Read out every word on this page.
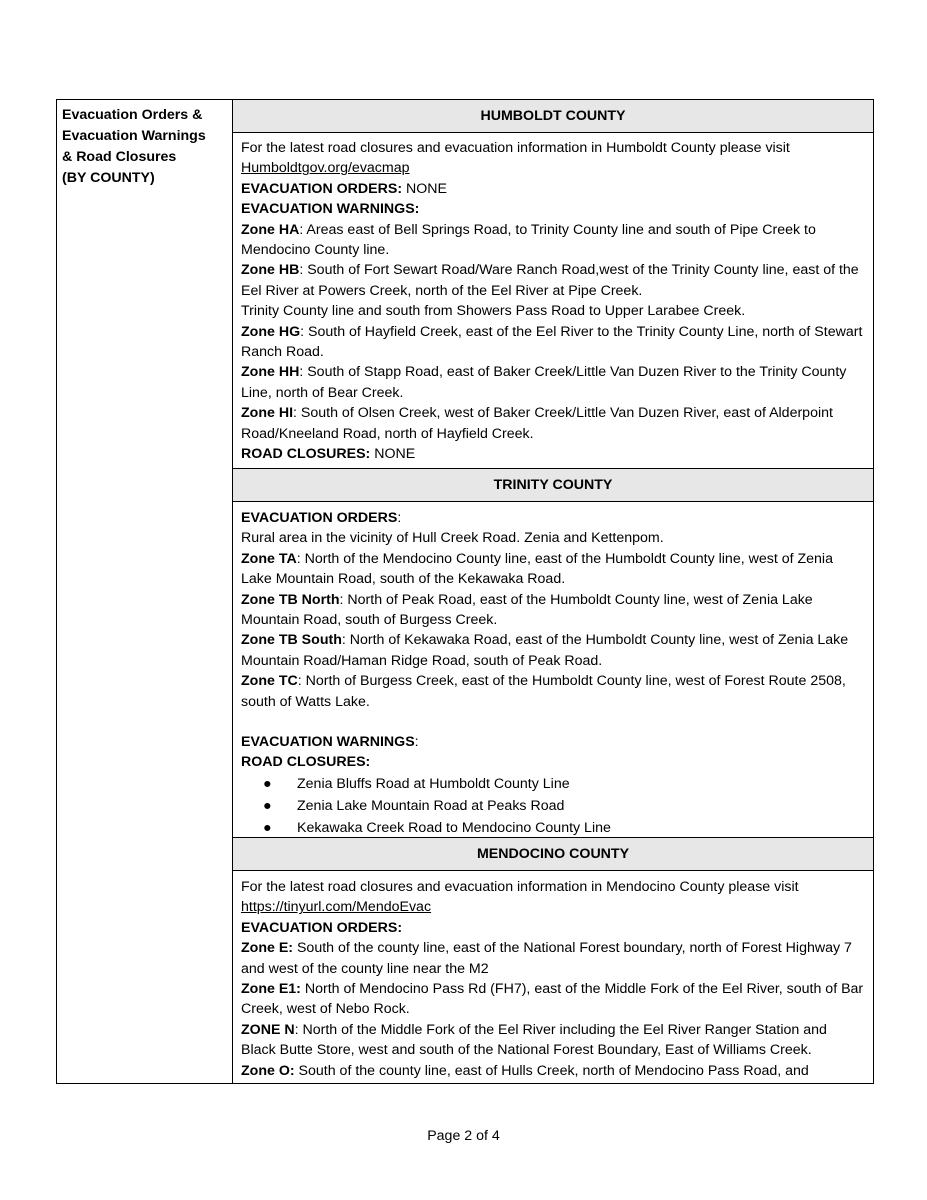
Evacuation Orders &
Evacuation Warnings
& Road Closures
(BY COUNTY)
HUMBOLDT COUNTY

For the latest road closures and evacuation information in Humboldt County please visit

Humboldtgov.org/evacmap

EVACUATION ORDERS: NONE

EVACUATION WARNINGS:

Zone HA: Areas east of Bell Springs Road, to Trinity County line and south of Pipe Creek to Mendocino County line.

Zone HB: South of Fort Sewart Road/Ware Ranch Road,west of the Trinity County line, east of the Eel River at Powers Creek, north of the Eel River at Pipe Creek.

Trinity County line and south from Showers Pass Road to Upper Larabee Creek.

Zone HG: South of Hayfield Creek, east of the Eel River to the Trinity County Line, north of Stewart Ranch Road.

Zone HH: South of Stapp Road, east of Baker Creek/Little Van Duzen River to the Trinity County Line, north of Bear Creek.

Zone HI: South of Olsen Creek, west of Baker Creek/Little Van Duzen River, east of Alderpoint Road/Kneeland Road, north of Hayfield Creek.

ROAD CLOSURES: NONE

TRINITY COUNTY

EVACUATION ORDERS:

Rural area in the vicinity of Hull Creek Road. Zenia and Kettenpom.

Zone TA: North of the Mendocino County line, east of the Humboldt County line, west of Zenia Lake Mountain Road, south of the Kekawaka Road.

Zone TB North: North of Peak Road, east of the Humboldt County line, west of Zenia Lake Mountain Road, south of Burgess Creek.

Zone TB South: North of Kekawaka Road, east of the Humboldt County line, west of Zenia Lake Mountain Road/Haman Ridge Road, south of Peak Road.

Zone TC: North of Burgess Creek, east of the Humboldt County line, west of Forest Route 2508, south of Watts Lake.

EVACUATION WARNINGS:

ROAD CLOSURES:

● Zenia Bluffs Road at Humboldt County Line
● Zenia Lake Mountain Road at Peaks Road
● Kekawaka Creek Road to Mendocino County Line
MENDOCINO COUNTY

For the latest road closures and evacuation information in Mendocino County please visit

https://tinyurl.com/MendoEvac

EVACUATION ORDERS:

Zone E: South of the county line, east of the National Forest boundary, north of Forest Highway 7 and west of the county line near the M2

Zone E1: North of Mendocino Pass Rd (FH7), east of the Middle Fork of the Eel River, south of Bar Creek, west of Nebo Rock.

ZONE N: North of the Middle Fork of the Eel River including the Eel River Ranger Station and Black Butte Store, west and south of the National Forest Boundary, East of Williams Creek.

Zone O: South of the county line, east of Hulls Creek, north of Mendocino Pass Road, and

Page 2 of 4
